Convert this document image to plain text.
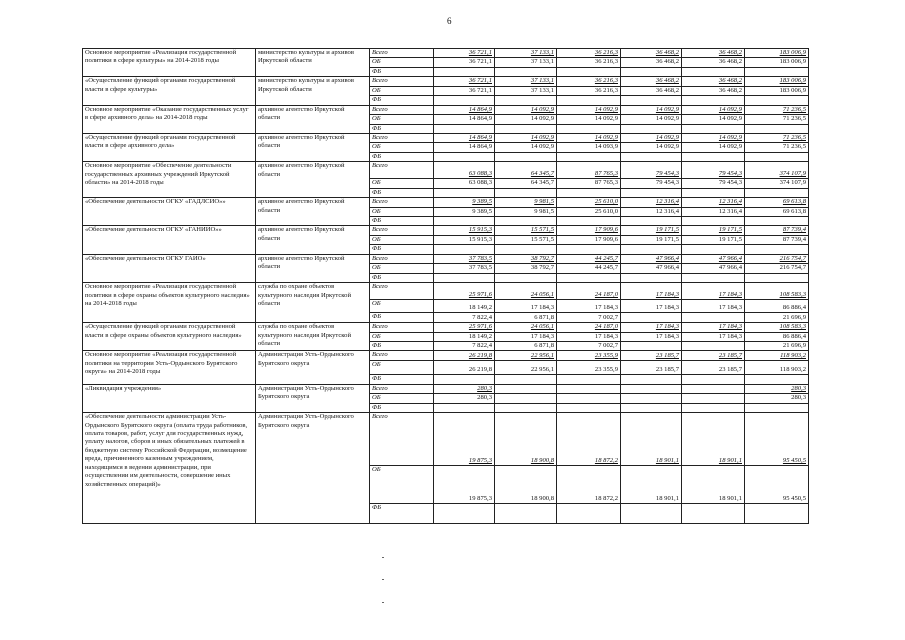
6
Основное мероприятие «Реализация государственной политики в сфере культуры» на 2014-2018 годы	министерство культуры и архивов Иркутской области	Всего	36 721,1	37 133,1	36 216,3	36 468,2	36 468,2	183 006,9
		ОБ	36 721,1	37 133,1	36 216,3	36 468,2	36 468,2	183 006,9
		ФБ						
«Осуществление функций органами государственной власти в сфере культуры»	министерство культуры и архивов Иркутской области	Всего	36 721,1	37 133,1	36 216,3	36 468,2	36 468,2	183 006,9
		ОБ	36 721,1	37 133,1	36 216,3	36 468,2	36 468,2	183 006,9
		ФБ						
Основное мероприятие «Оказание государственных услуг в сфере архивного дела» на 2014-2018 годы	архивное агентство Иркутской области	Всего	14 864,9	14 092,9	14 092,9	14 092,9	14 092,9	71 236,5
		ОБ	14 864,9	14 092,9	14 092,9	14 092,9	14 092,9	71 236,5
		ФБ						
«Осуществление функций органами государственной власти в сфере архивного дела»	архивное агентство Иркутской области	Всего	14 864,9	14 092,9	14 092,9	14 092,9	14 092,9	71 236,5
		ОБ	14 864,9	14 092,9	14 093,9	14 092,9	14 092,9	71 236,5
		ФБ						
Основное мероприятие «Обеспечение деятельности государственных архивных учреждений Иркутской области» на 2014-2018 годы	архивное агентство Иркутской области	Всего	63 088,3	64 345,7	87 765,3	79 454,3	79 454,3	374 107,9
		ОБ	63 088,3	64 345,7	87 765,3	79 454,3	79 454,3	374 107,9
		ФБ						
«Обеспечение деятельности ОГКУ «ГАДЛСИО»»	архивное агентство Иркутской области	Всего	9 389,5	9 981,5	25 610,0	12 316,4	12 316,4	69 613,8
		ОБ	9 389,5	9 981,5	25 610,0	12 316,4	12 316,4	69 613,8
		ФБ						
«Обеспечение деятельности ОГКУ «ГАНИИО»»	архивное агентство Иркутской области	Всего	15 915,3	15 571,5	17 909,6	19 171,5	19 171,5	87 739,4
		ОБ	15 915,3	15 571,5	17 909,6	19 171,5	19 171,5	87 739,4
		ФБ						
«Обеспечение деятельности ОГКУ ГАИО»	архивное агентство Иркутской области	Всего	37 783,5	38 792,7	44 245,7	47 966,4	47 966,4	216 754,7
		ОБ	37 783,5	38 792,7	44 245,7	47 966,4	47 966,4	216 754,7
		ФБ						
Основное мероприятие «Реализация государственной политики в сфере охраны объектов культурного наследия» на 2014-2018 годы	служба по охране объектов культурного наследия Иркутской области	Всего	25 971,6	24 056,1	24 187,0	17 184,3	17 184,3	108 583,3
		ОБ	18 149,2	17 184,3	17 184,3	17 184,3	17 184,3	86 886,4
		ФБ	7 822,4	6 871,8	7 002,7			21 696,9
«Осуществление функций органами государственной власти в сфере охраны объектов культурного наследия»	служба по охране объектов культурного наследия Иркутской области	Всего	25 971,6	24 056,1	24 187,0	17 184,3	17 184,3	108 583,3
		ОБ	18 149,2	17 184,3	17 184,3	17 184,3	17 184,3	86 886,4
		ФБ	7 822,4	6 871,8	7 002,7			21 696,9
Основное мероприятие «Реализация государственной политики на территории Усть-Ордынского Бурятского округа» на 2014-2018 годы	Администрация Усть-Ордынского Бурятского округа	Всего	26 219,8	22 956,1	23 355,9	23 185,7	23 185,7	118 903,2
		ОБ	26 219,8	22 956,1	23 355,9	23 185,7	23 185,7	118 903,2
		ФБ						
«Ликвидация учреждения»	Администрация Усть-Ордынского Бурятского округа	Всего	280,3					280,3
		ОБ	280,3					280,3
		ФБ						
«Обеспечение деятельности администрации Усть-Ордынского Бурятского округа (оплата труда работников, оплата товаров, работ, услуг для государственных нужд, уплату налогов, сборов и иных обязательных платежей в бюджетную систему Российской Федерации, возмещение вреда, причиненного казенным учреждением, находящимся в ведении администрации, при осуществлении им деятельности, совершение иных хозяйственных операций)»	Администрация Усть-Ордынского Бурятского округа	Всего	19 875,3	18 900,8	18 872,2	18 901,1	18 901,1	95 450,5
		ОБ	19 875,3	18 900,8	18 872,2	18 901,1	18 901,1	95 450,5
		ФБ						
